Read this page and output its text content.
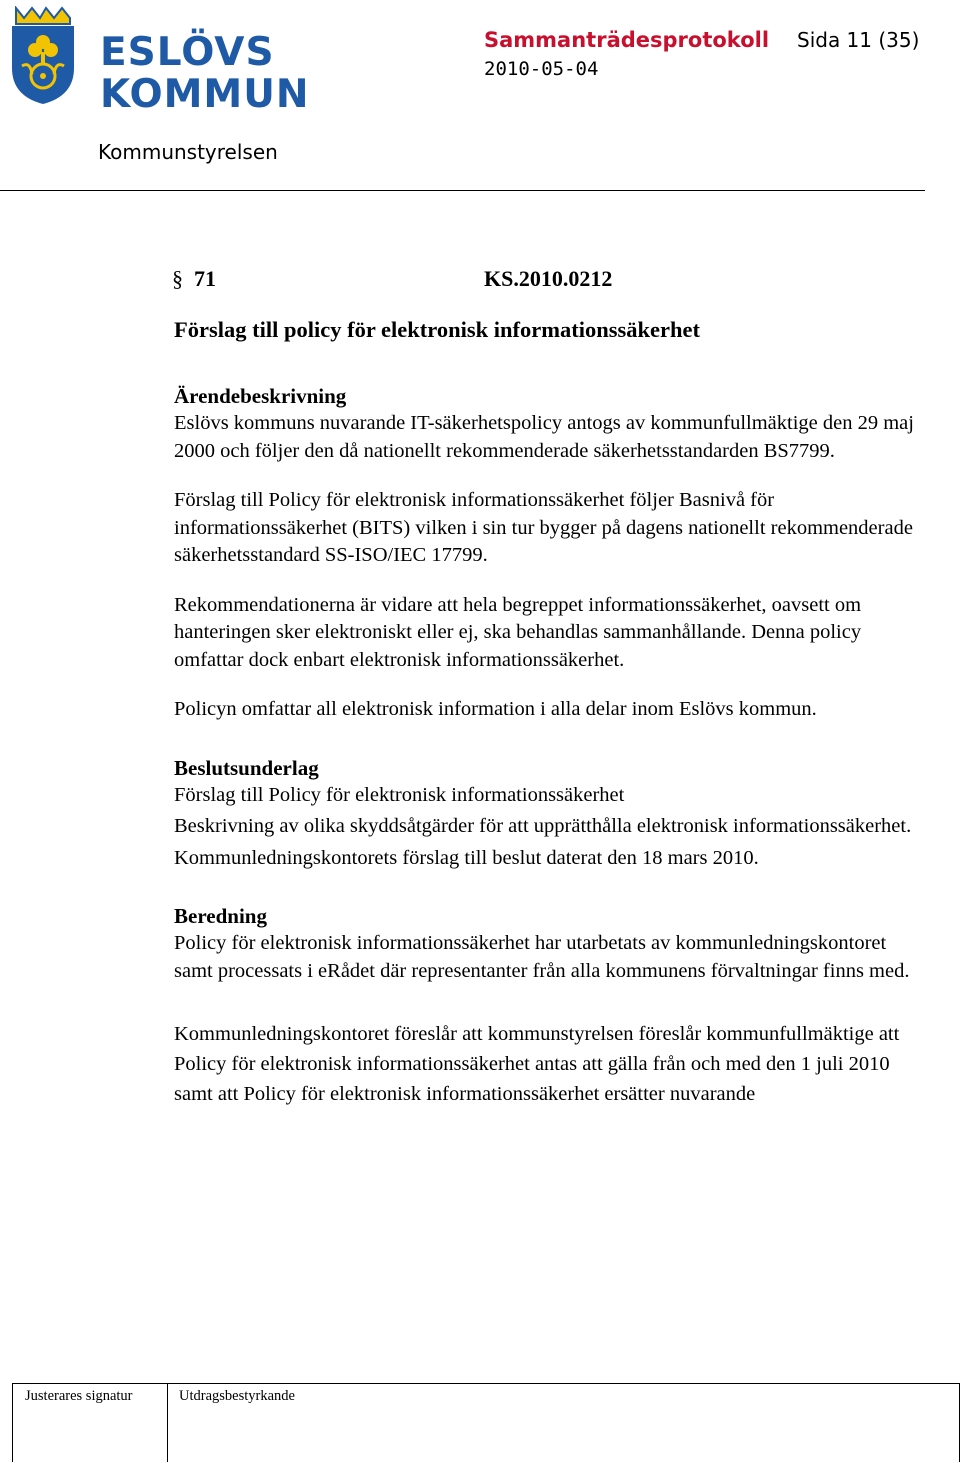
ESLÖVS
KOMMUN
Sammanträdesprotokoll Sida 11 (35)
2010-05-04
Kommunstyrelsen
§ 71	KS.2010.0212
Förslag till policy för elektronisk informationssäkerhet
Ärendebeskrivning

Eslövs kommuns nuvarande IT-säkerhetspolicy antogs av kommunfullmäktige den 29 maj 2000 och följer den då nationellt rekommenderade säkerhetsstandarden BS7799.

Förslag till Policy för elektronisk informationssäkerhet följer Basnivå för informationssäkerhet (BITS) vilken i sin tur bygger på dagens nationellt rekommenderade säkerhetsstandard SS-ISO/IEC 17799.

Rekommendationerna är vidare att hela begreppet informationssäkerhet, oavsett om hanteringen sker elektroniskt eller ej, ska behandlas sammanhållande. Denna policy omfattar dock enbart elektronisk informationssäkerhet.

Policyn omfattar all elektronisk information i alla delar inom Eslövs kommun.

Beslutsunderlag

Förslag till Policy för elektronisk informationssäkerhet

Beskrivning av olika skyddsåtgärder för att upprätthålla elektronisk informationssäkerhet.

Kommunledningskontorets förslag till beslut daterat den 18 mars 2010.

Beredning

Policy för elektronisk informationssäkerhet har utarbetats av kommunledningskontoret samt processats i eRådet där representanter från alla kommunens förvaltningar finns med.

Kommunledningskontoret föreslår att kommunstyrelsen föreslår kommunfullmäktige att Policy för elektronisk informationssäkerhet antas att gälla från och med den 1 juli 2010 samt att Policy för elektronisk informationssäkerhet ersätter nuvarande

Justerares signatur	Utdragsbestyrkande
